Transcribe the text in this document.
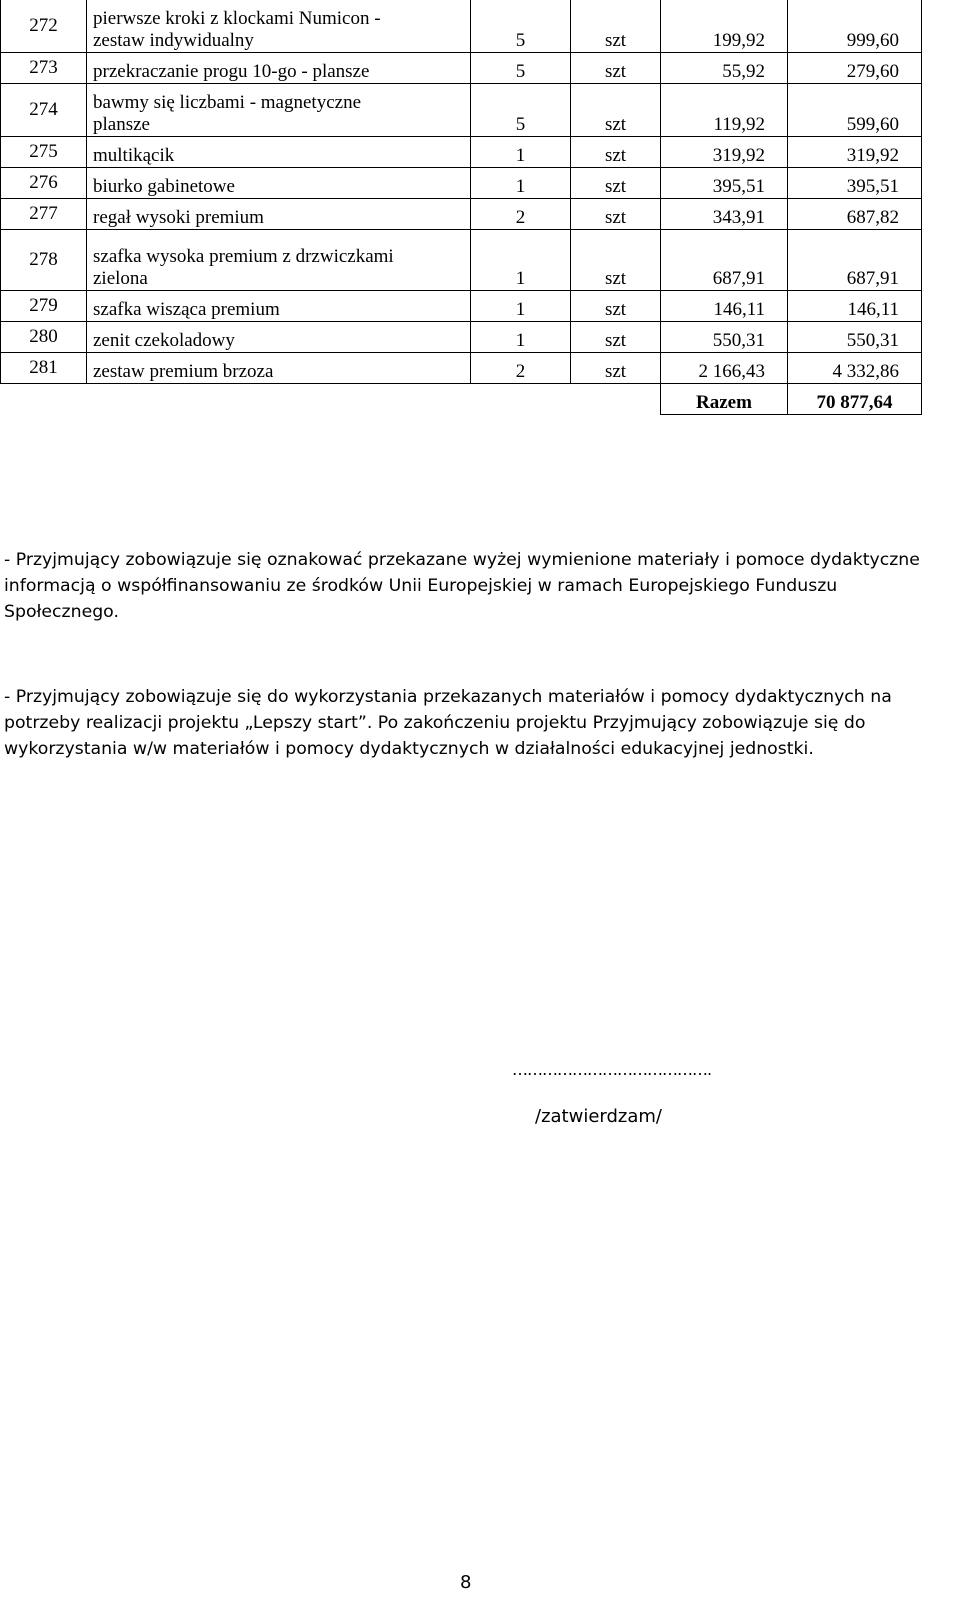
272	pierwsze kroki z klockami Numicon -
zestaw indywidualny	5	szt	199,92	999,60
273	przekraczanie progu 10-go - plansze	5	szt	55,92	279,60
274	bawmy się liczbami - magnetyczne
plansze	5	szt	119,92	599,60
275	multikącik	1	szt	319,92	319,92
276	biurko gabinetowe	1	szt	395,51	395,51
277	regał wysoki premium	2	szt	343,91	687,82
278	szafka wysoka premium z drzwiczkami
zielona	1	szt	687,91	687,91
279	szafka wisząca premium	1	szt	146,11	146,11
280	zenit czekoladowy	1	szt	550,31	550,31
281	zestaw premium brzoza	2	szt	2 166,43	4 332,86
				Razem	70 877,64

- Przyjmujący zobowiązuje się oznakować przekazane wyżej wymienione materiały i pomoce dydaktyczne informacją o współfinansowaniu ze środków Unii Europejskiej w ramach Europejskiego Funduszu Społecznego.

- Przyjmujący zobowiązuje się do wykorzystania przekazanych materiałów i pomocy dydaktycznych na potrzeby realizacji projektu „Lepszy start”. Po zakończeniu projektu Przyjmujący zobowiązuje się do wykorzystania w/w materiałów i pomocy dydaktycznych w działalności edukacyjnej jednostki.

………………………………….
/zatwierdzam/
8
